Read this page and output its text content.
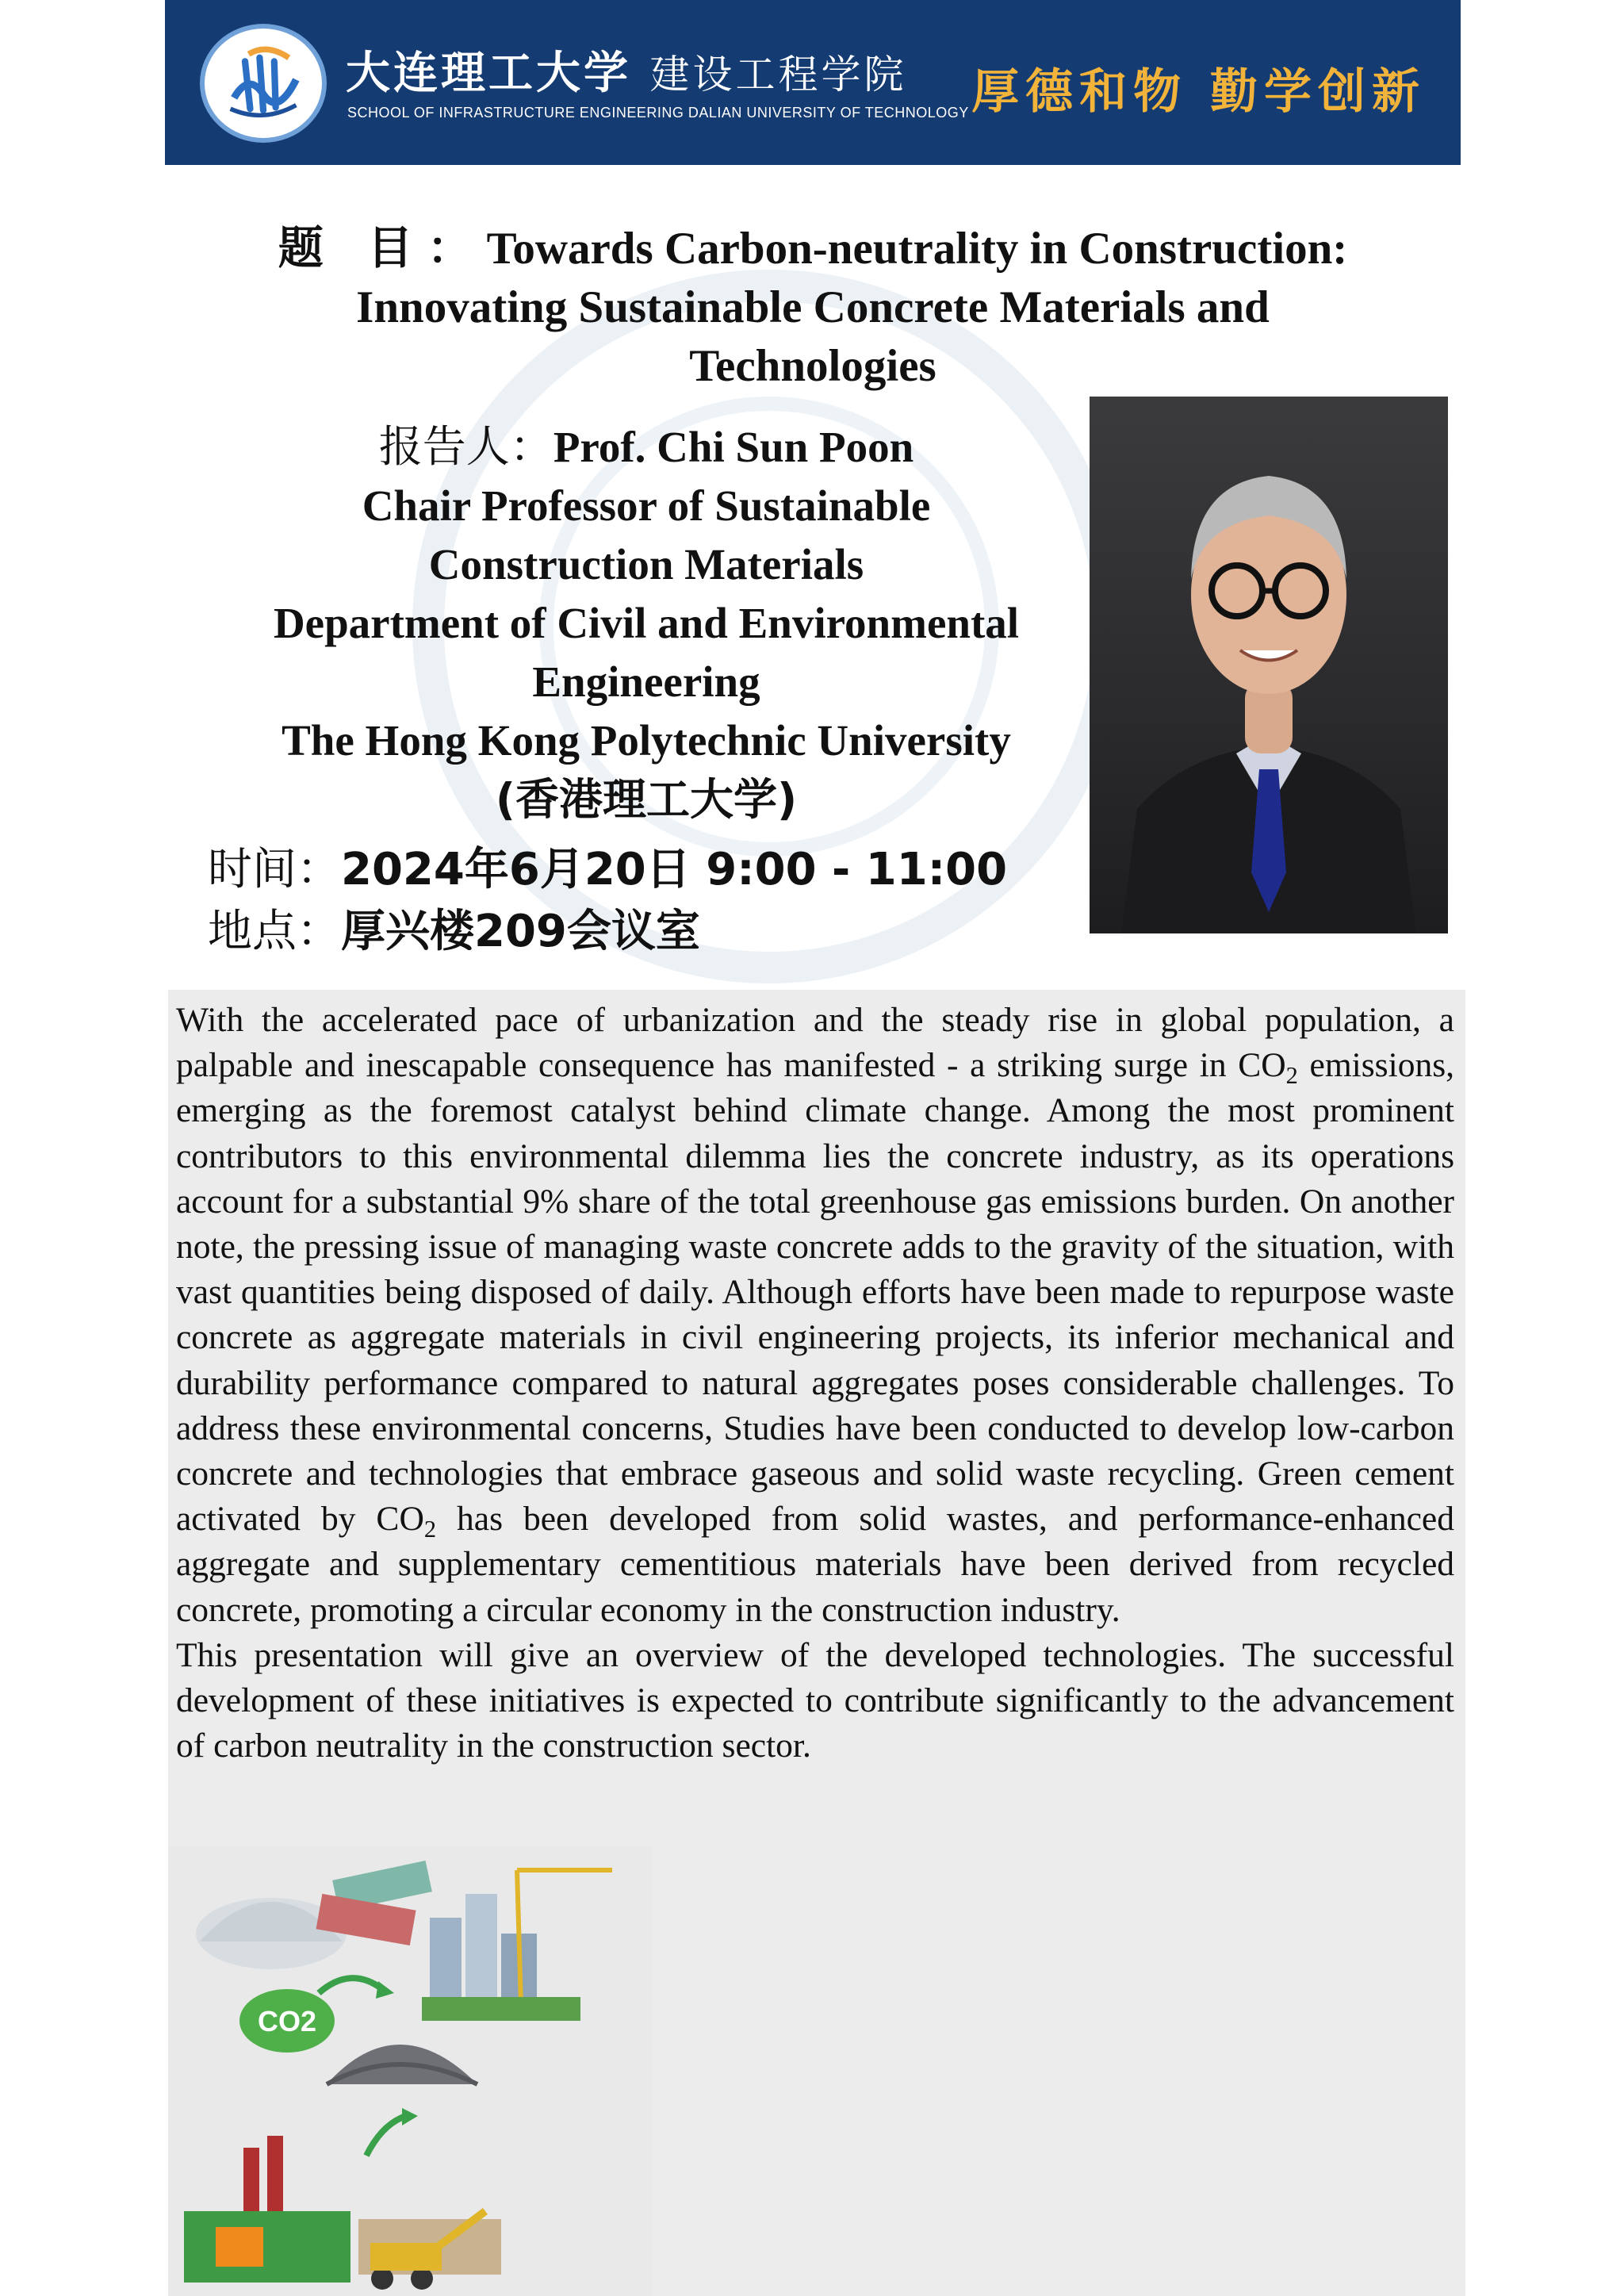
大连理工大学 建设工程学院
SCHOOL OF INFRASTRUCTURE ENGINEERING DALIAN UNIVERSITY OF TECHNOLOGY 厚德和物 勤学创新
题 目：Towards Carbon-neutrality in Construction:
Innovating Sustainable Concrete Materials and
Technologies
报告人：Prof. Chi Sun Poon
Chair Professor of Sustainable
Construction Materials
Department of Civil and Environmental
Engineering
The Hong Kong Polytechnic University
(香港理工大学)
时间：2024年6月20日 9:00 - 11:00
地点：厚兴楼209会议室

With the accelerated pace of urbanization and the steady rise in global population, a palpable and inescapable consequence has manifested - a striking surge in $CO_2$ emissions, emerging as the foremost catalyst behind climate change. Among the most prominent contributors to this environmental dilemma lies the concrete industry, as its operations account for a substantial 9% share of the total greenhouse gas emissions burden. On another note, the pressing issue of managing waste concrete adds to the gravity of the situation, with vast quantities being disposed of daily. Although efforts have been made to repurpose waste concrete as aggregate materials in civil engineering projects, its inferior mechanical and durability performance compared to natural aggregates poses considerable challenges. To address these environmental concerns, Studies have been conducted to develop low-carbon concrete and technologies that embrace gaseous and solid waste recycling. Green cement activated by $CO_2$ has been developed from solid wastes, and performance-enhanced aggregate and supplementary cementitious materials have been derived from recycled concrete, promoting a circular economy in the construction industry.

This presentation will give an overview of the developed technologies. The successful development of these initiatives is expected to contribute significantly to the advancement of carbon neutrality in the construction sector.

CO2
